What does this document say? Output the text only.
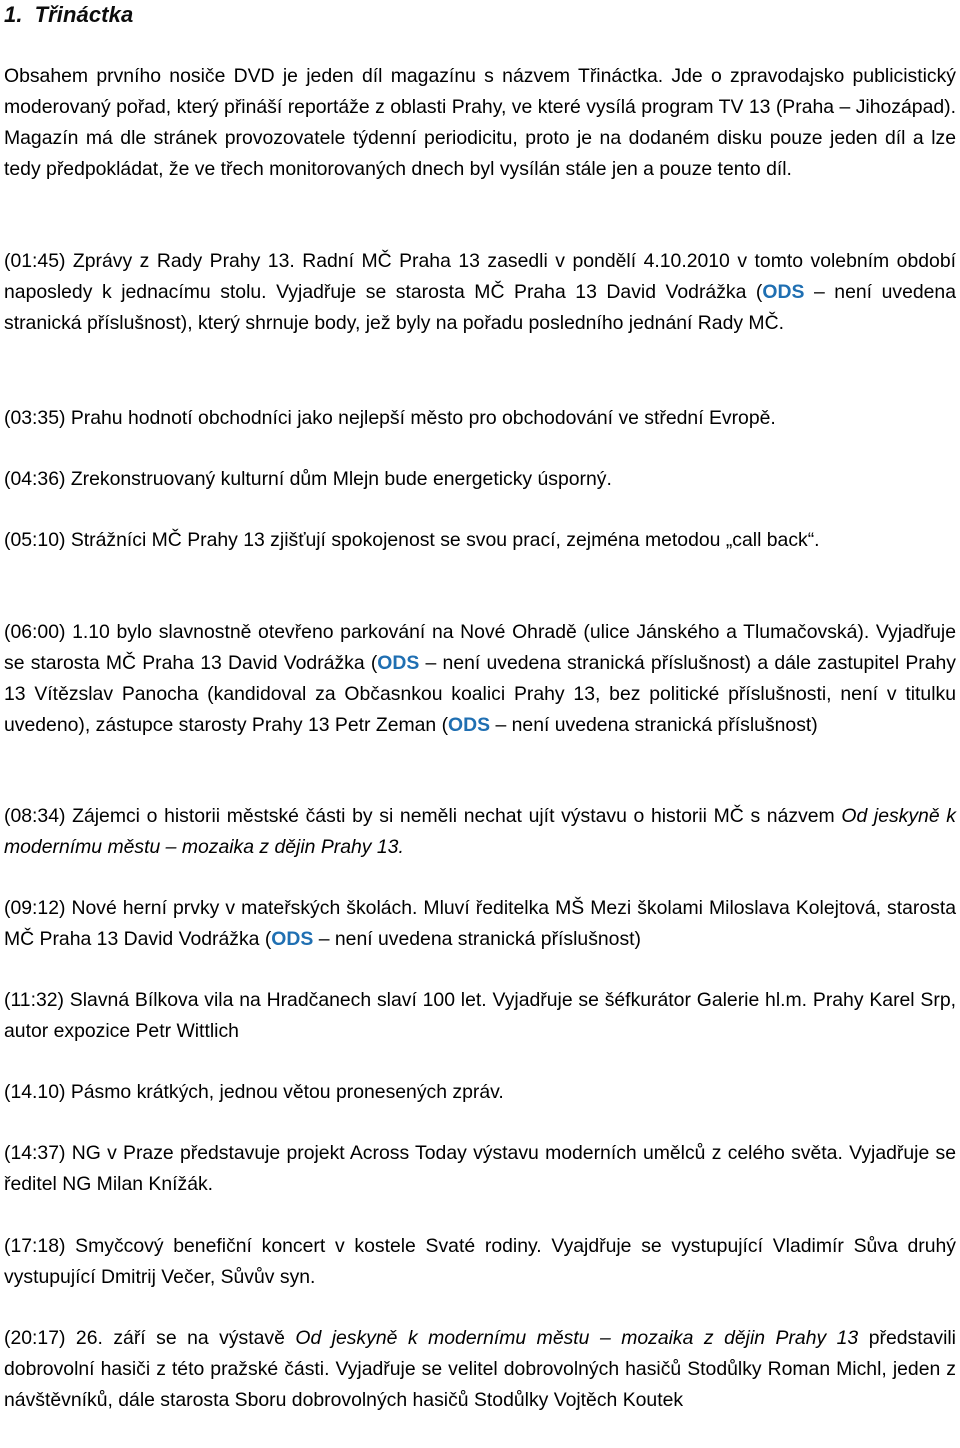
1. Třináctka

Obsahem prvního nosiče DVD je jeden díl magazínu s názvem Třináctka. Jde o zpravodajsko publicistický moderovaný pořad, který přináší reportáže z oblasti Prahy, ve které vysílá program TV 13 (Praha – Jihozápad). Magazín má dle stránek provozovatele týdenní periodicitu, proto je na dodaném disku pouze jeden díl a lze tedy předpokládat, že ve třech monitorovaných dnech byl vysílán stále jen a pouze tento díl.

(01:45) Zprávy z Rady Prahy 13. Radní MČ Praha 13 zasedli v pondělí 4.10.2010 v tomto volebním období naposledy k jednacímu stolu. Vyjadřuje se starosta MČ Praha 13 David Vodrážka (ODS – není uvedena stranická příslušnost), který shrnuje body, jež byly na pořadu posledního jednání Rady MČ.

(03:35) Prahu hodnotí obchodníci jako nejlepší město pro obchodování ve střední Evropě.

(04:36) Zrekonstruovaný kulturní dům Mlejn bude energeticky úsporný.

(05:10) Strážníci MČ Prahy 13 zjišťují spokojenost se svou prací, zejména metodou „call back“.

(06:00) 1.10 bylo slavnostně otevřeno parkování na Nové Ohradě (ulice Jánského a Tlumačovská). Vyjadřuje se starosta MČ Praha 13 David Vodrážka (ODS – není uvedena stranická příslušnost) a dále zastupitel Prahy 13 Vítězslav Panocha (kandidoval za Občasnkou koalici Prahy 13, bez politické příslušnosti, není v titulku uvedeno), zástupce starosty Prahy 13 Petr Zeman (ODS – není uvedena stranická příslušnost)

(08:34) Zájemci o historii městské části by si neměli nechat ujít výstavu o historii MČ s názvem Od jeskyně k modernímu městu – mozaika z dějin Prahy 13.

(09:12) Nové herní prvky v mateřských školách. Mluví ředitelka MŠ Mezi školami Miloslava Kolejtová, starosta MČ Praha 13 David Vodrážka (ODS – není uvedena stranická příslušnost)

(11:32) Slavná Bílkova vila na Hradčanech slaví 100 let. Vyjadřuje se šéfkurátor Galerie hl.m. Prahy Karel Srp, autor expozice Petr Wittlich

(14.10) Pásmo krátkých, jednou větou pronesených zpráv.

(14:37) NG v Praze představuje projekt Across Today výstavu moderních umělců z celého světa. Vyjadřuje se ředitel NG Milan Knížák.

(17:18) Smyčcový benefiční koncert v kostele Svaté rodiny. Vyajdřuje se vystupující Vladimír Sůva druhý vystupující Dmitrij Večer, Sůvův syn.

(20:17) 26. září se na výstavě Od jeskyně k modernímu městu – mozaika z dějin Prahy 13 představili dobrovolní hasiči z této pražské části. Vyjadřuje se velitel dobrovolných hasičů Stodůlky Roman Michl, jeden z návštěvníků, dále starosta Sboru dobrovolných hasičů Stodůlky Vojtěch Koutek
